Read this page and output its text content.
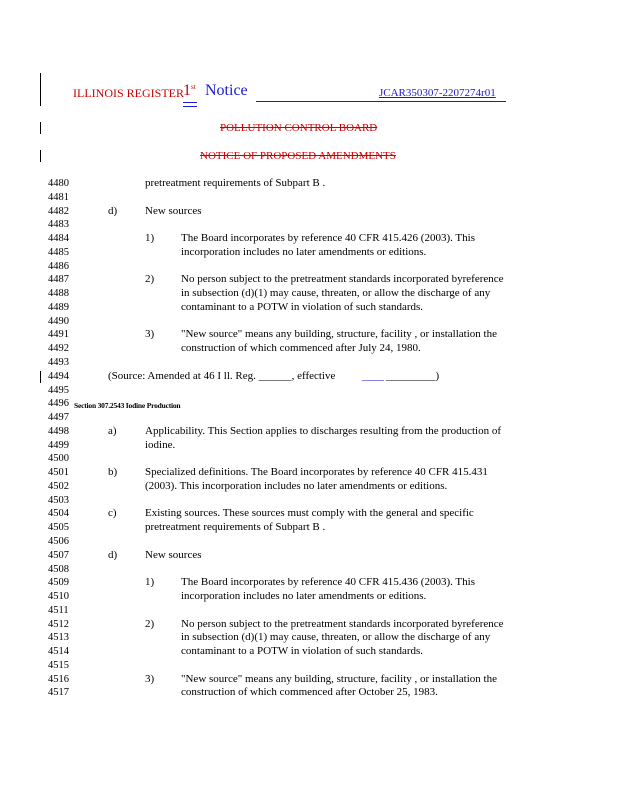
ILLINOIS REGISTER 1st Notice	JCAR350307-2207274r01
POLLUTION CONTROL BOARD
NOTICE OF PROPOSED AMENDMENTS
4480	pretreatment requirements of Subpart B .
4481
4482	d)	New sources
4483
4484	1) The Board incorporates by reference 40 CFR 415.426 (2003). This
4485	incorporation includes no later amendments or editions.
4486
4487	2) No person subject to the pretreatment standards incorporated byreference
4488	in subsection (d)(1) may cause, threaten, or allow the discharge of any
4489	contaminant to a POTW in violation of such standards.
4490
4491	3) "New source" means any building, structure, facility , or installation the
4492	construction of which commenced after July 24, 1980.
4493
4494	(Source: Amended at 46 I ll. Reg. ______, effective ____ _________)
4495
4496 Section 307.2543 Iodine Production
4497
4498	a)	Applicability. This Section applies to discharges resulting from the production of
4499	iodine.
4500
4501	b)	Specialized definitions. The Board incorporates by reference 40 CFR 415.431
4502	(2003). This incorporation includes no later amendments or editions.
4503
4504	c)	Existing sources. These sources must comply with the general and specific
4505	pretreatment requirements of Subpart B .
4506
4507	d)	New sources
4508
4509	1) The Board incorporates by reference 40 CFR 415.436 (2003). This
4510	incorporation includes no later amendments or editions.
4511
4512	2) No person subject to the pretreatment standards incorporated byreference
4513	in subsection (d)(1) may cause, threaten, or allow the discharge of any
4514	contaminant to a POTW in violation of such standards.
4515
4516	3) "New source" means any building, structure, facility , or installation the
4517	construction of which commenced after October 25, 1983.
